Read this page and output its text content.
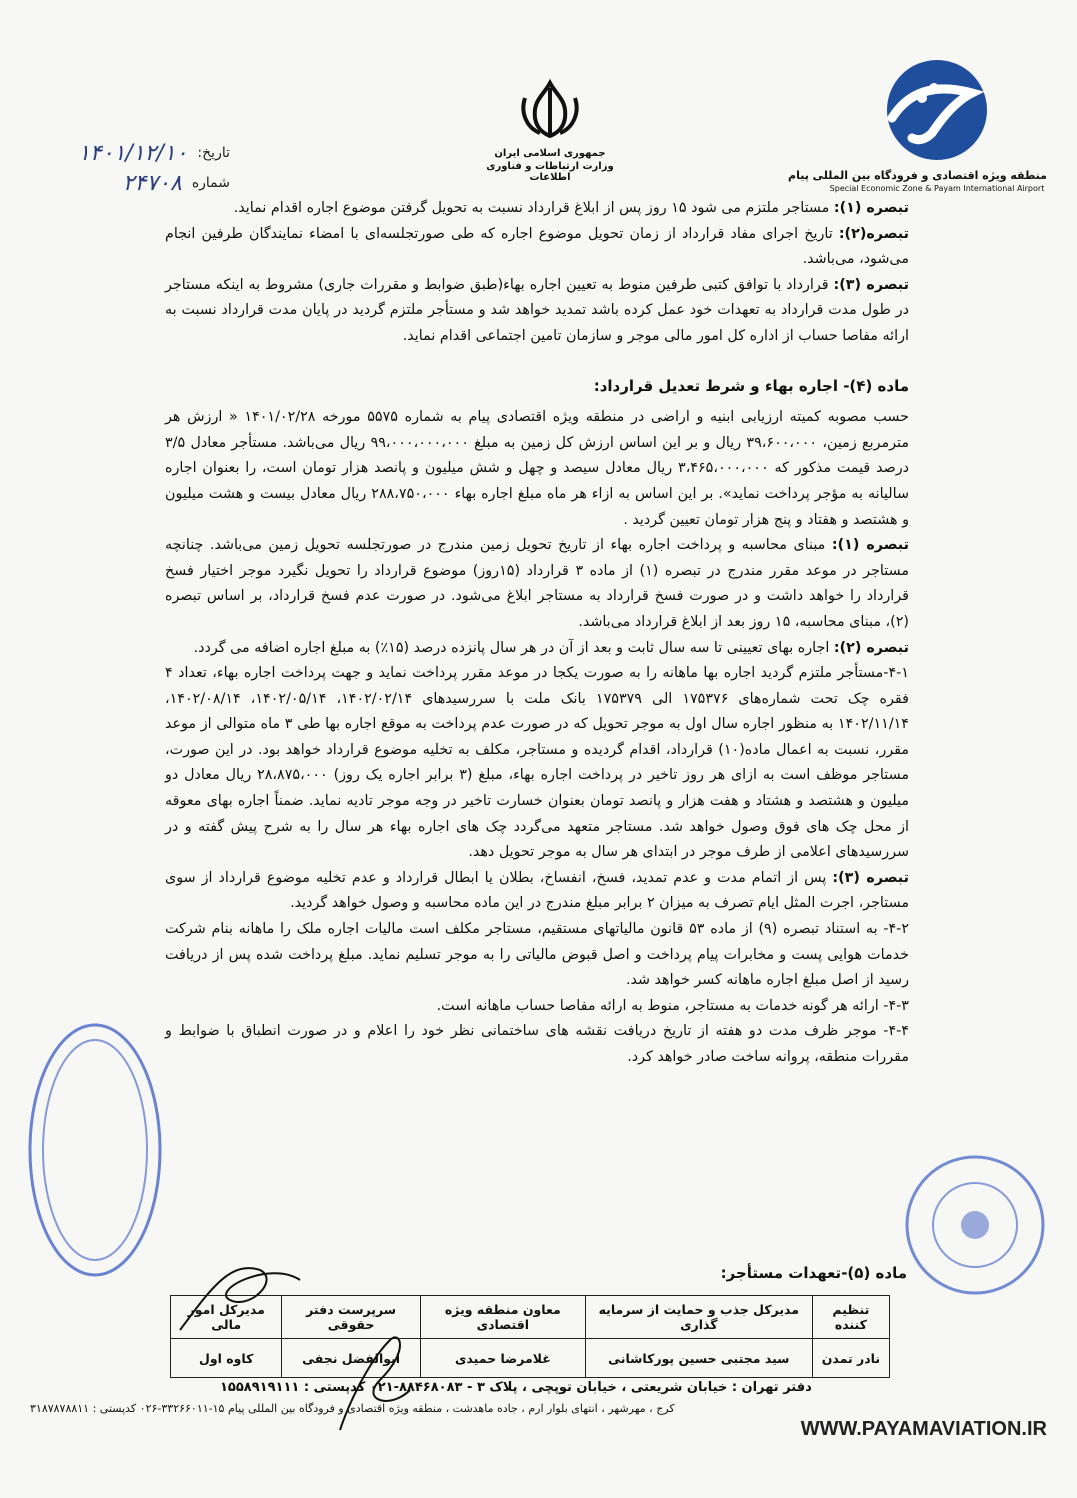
منطقه ویژه اقتصادی و فرودگاه بین المللی پیام
Special Economic Zone & Payam International Airport
جمهوری اسلامی ایران
وزارت ارتباطات و فناوری اطلاعات
تاریخ:
۱۴۰۱/۱۲/۱۰
شماره
۲۴۷۰۸

تبصره (۱): مستاجر ملتزم می شود ۱۵ روز پس از ابلاغ قرارداد نسبت به تحویل گرفتن موضوع اجاره اقدام نماید.

تبصره(۲): تاریخ اجرای مفاد قرارداد از زمان تحویل موضوع اجاره که طی صورتجلسه‌ای با امضاء نمایندگان طرفین انجام می‌شود، می‌باشد.

تبصره (۳): قرارداد با توافق کتبی طرفین منوط به تعیین اجاره بهاء(طبق ضوابط و مقررات جاری) مشروط به اینکه مستاجر در طول مدت قرارداد به تعهدات خود عمل کرده باشد تمدید خواهد شد و مستأجر ملتزم گردید در پایان مدت قرارداد نسبت به ارائه مفاصا حساب از اداره کل امور مالی موجر و سازمان تامین اجتماعی اقدام نماید.

ماده (۴)- اجاره بهاء و شرط تعدیل قرارداد:

حسب مصوبه کمیته ارزیابی ابنیه و اراضی در منطقه ویژه اقتصادی پیام به شماره ۵۵۷۵ مورخه ۱۴۰۱/۰۲/۲۸ « ارزش هر مترمربع زمین، ۳۹،۶۰۰،۰۰۰ ریال و بر این اساس ارزش کل زمین به مبلغ ۹۹،۰۰۰،۰۰۰،۰۰۰ ریال می‌باشد. مستأجر معادل ۳/۵ درصد قیمت مذکور که ۳،۴۶۵،۰۰۰،۰۰۰ ریال معادل سیصد و چهل و شش میلیون و پانصد هزار تومان است، را بعنوان اجاره سالیانه به مؤجر پرداخت نماید». بر این اساس به ازاء هر ماه مبلغ اجاره بهاء ۲۸۸،۷۵۰،۰۰۰ ریال معادل بیست و هشت میلیون و هشتصد و هفتاد و پنج هزار تومان تعیین گردید .

تبصره (۱): مبنای محاسبه و پرداخت اجاره بهاء از تاریخ تحویل زمین مندرج در صورتجلسه تحویل زمین می‌باشد. چنانچه مستاجر در موعد مقرر مندرج در تبصره (۱) از ماده ۳ قرارداد (۱۵روز) موضوع قرارداد را تحویل نگیرد موجر اختیار فسخ قرارداد را خواهد داشت و در صورت فسخ قرارداد به مستاجر ابلاغ می‌شود. در صورت عدم فسخ قرارداد، بر اساس تبصره (۲)، مبنای محاسبه، ۱۵ روز بعد از ابلاغ قرارداد می‌باشد.

تبصره (۲): اجاره بهای تعیینی تا سه سال ثابت و بعد از آن در هر سال پانزده درصد (۱۵٪) به مبلغ اجاره اضافه می گردد.

۴-۱-مستأجر ملتزم گردید اجاره بها ماهانه را به صورت یکجا در موعد مقرر پرداخت نماید و جهت پرداخت اجاره بهاء، تعداد ۴ فقره چک تحت شماره‌های ۱۷۵۳۷۶ الی ۱۷۵۳۷۹ بانک ملت با سررسیدهای ۱۴۰۲/۰۲/۱۴، ۱۴۰۲/۰۵/۱۴، ۱۴۰۲/۰۸/۱۴، ۱۴۰۲/۱۱/۱۴ به منظور اجاره سال اول به موجر تحویل که در صورت عدم پرداخت به موقع اجاره بها طی ۳ ماه متوالی از موعد مقرر، نسبت به اعمال ماده(۱۰) قرارداد، اقدام گردیده و مستاجر، مکلف به تخلیه موضوع قرارداد خواهد بود. در این صورت، مستاجر موظف است به ازای هر روز تاخیر در پرداخت اجاره بهاء، مبلغ (۳ برابر اجاره یک روز) ۲۸،۸۷۵،۰۰۰ ریال معادل دو میلیون و هشتصد و هشتاد و هفت هزار و پانصد تومان بعنوان خسارت تاخیر در وجه موجر تادیه نماید. ضمناً اجاره بهای معوقه از محل چک های فوق وصول خواهد شد. مستاجر متعهد می‌گردد چک های اجاره بهاء هر سال را به شرح پیش گفته و در سررسیدهای اعلامی از طرف موجر در ابتدای هر سال به موجر تحویل دهد.

تبصره (۳): پس از اتمام مدت و عدم تمدید، فسخ، انفساخ، بطلان یا ابطال قرارداد و عدم تخلیه موضوع قرارداد از سوی مستاجر، اجرت المثل ایام تصرف به میزان ۲ برابر مبلغ مندرج در این ماده محاسبه و وصول خواهد گردید.

۴-۲- به استناد تبصره (۹) از ماده ۵۳ قانون مالیاتهای مستقیم، مستاجر مکلف است مالیات اجاره ملک را ماهانه بنام شرکت خدمات هوایی پست و مخابرات پیام پرداخت و اصل قبوض مالیاتی را به موجر تسلیم نماید. مبلغ پرداخت شده پس از دریافت رسید از اصل مبلغ اجاره ماهانه کسر خواهد شد.

۴-۳- ارائه هر گونه خدمات به مستاجر، منوط به ارائه مفاصا حساب ماهانه است.

۴-۴- موجر ظرف مدت دو هفته از تاریخ دریافت نقشه های ساختمانی نظر خود را اعلام و در صورت انطباق با ضوابط و مقررات منطقه، پروانه ساخت صادر خواهد کرد.

ماده (۵)-تعهدات مستأجر:
تنظیم کننده	مدیرکل جذب و حمایت از سرمایه گذاری	معاون منطقه ویژه اقتصادی	سرپرست دفتر حقوقی	مدیرکل امور مالی
نادر تمدن	سید مجتبی حسین پورکاشانی	غلامرضا حمیدی	ابوالفضل نجفی	کاوه اول
دفتر تهران : خیابان شریعتی ، خیابان توپچی ، پلاک ۳ - ۸۸۴۶۸۰۸۳-۰۲۱ کدپستی : ۱۵۵۸۹۱۹۱۱۱
کرج ، مهرشهر ، انتهای بلوار ارم ، جاده ماهدشت ، منطقه ویژه اقتصادی و فرودگاه بین المللی پیام ۱۵-۳۳۲۶۶۰۱۱-۰۲۶ کدپستی : ۳۱۸۷۸۷۸۸۱۱
WWW.PAYAMAVIATION.IR
